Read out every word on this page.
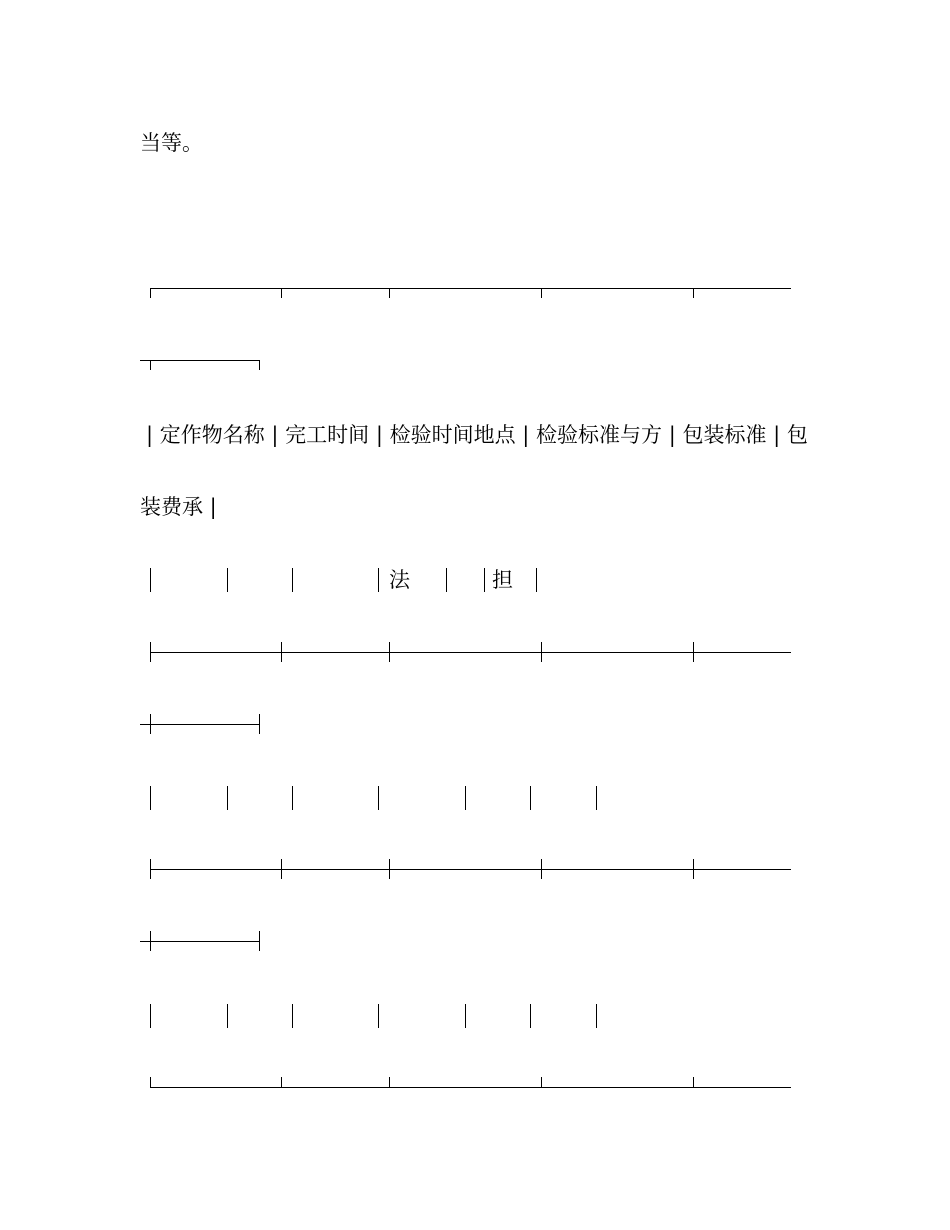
当等。
| 定作物名称 | 完工时间 | 检验时间地点 | 检验标准与方 | 包装标准 | 包
装费承 |
法	担
